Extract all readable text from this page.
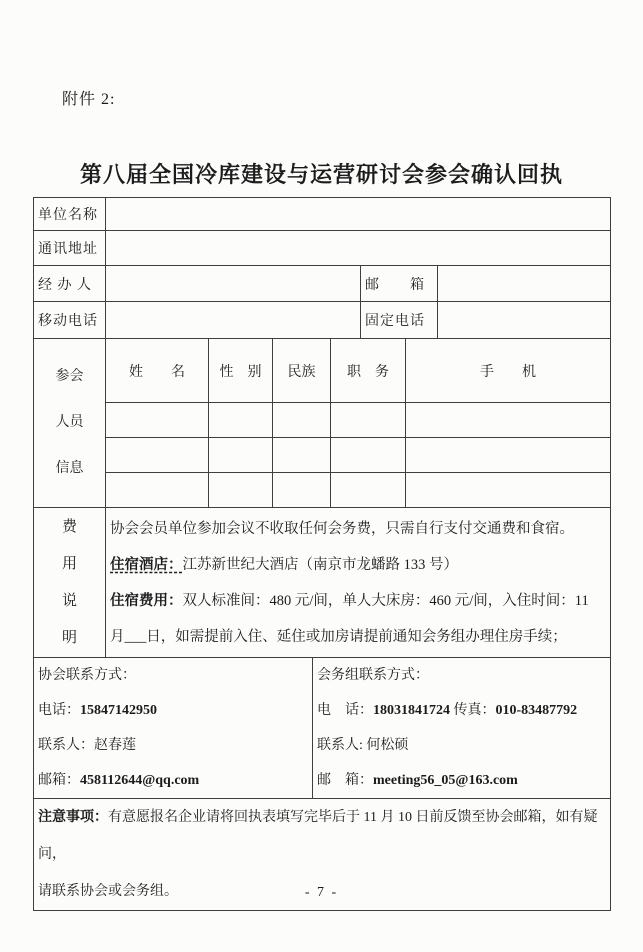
附件 2:
第八届全国冷库建设与运营研讨会参会确认回执
单位名称								
通讯地址								
经 办 人						邮　　箱		
移动电话						固定电话		

参会
人员
信息	姓　　名	性　别	民族		职　务		手　　机	

费
用
说
明

协会会员单位参加会议不收取任何会务费，只需自行支付交通费和食宿。

住宿酒店：江苏新世纪大酒店（南京市龙蟠路 133 号）

住宿费用：双人标准间：480 元/间，单人大床房：460 元/间，入住时间：11 月___日，如需提前入住、延住或加房请提前通知会务组办理住房手续；

协会联系方式：

电话：15847142950

联系人：赵春莲

邮箱：458112644@qq.com

会务组联系方式：

电　话：18031841724 传真：010-83487792

联系人: 何松硕

邮　箱：meeting56_05@163.com

注意事项：有意愿报名企业请将回执表填写完毕后于 11 月 10 日前反馈至协会邮箱，如有疑问，

请联系协会或会务组。									- 7 -
